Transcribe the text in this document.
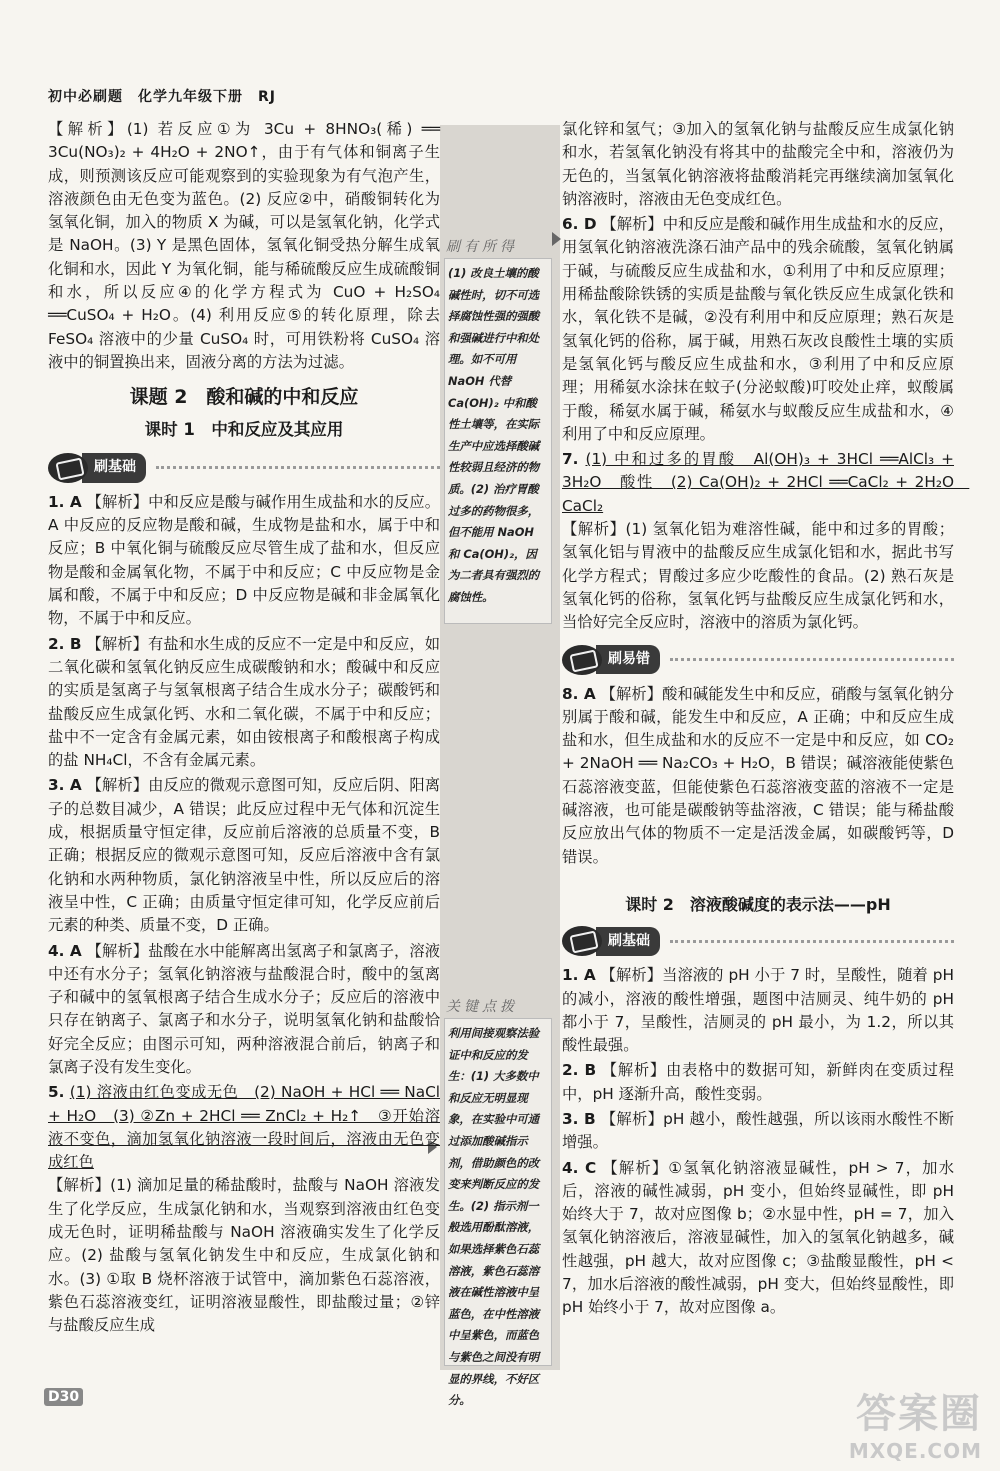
初中必刷题　化学九年级下册　RJ
刷有所得
(1) 改良土壤的酸碱性时，切不可选择腐蚀性强的强酸和强碱进行中和处理。如不可用 NaOH 代替 Ca(OH)₂ 中和酸性土壤等，在实际生产中应选择酸碱性较弱且经济的物质。(2) 治疗胃酸过多的药物很多，但不能用 NaOH 和 Ca(OH)₂，因为二者具有强烈的腐蚀性。
关键点拨
利用间接观察法验证中和反应的发生：(1) 大多数中和反应无明显现象，在实验中可通过添加酸碱指示剂，借助颜色的改变来判断反应的发生。(2) 指示剂一般选用酚酞溶液，如果选择紫色石蕊溶液，紫色石蕊溶液在碱性溶液中呈蓝色，在中性溶液中呈紫色，而蓝色与紫色之间没有明显的界线，不好区分。

【解析】(1) 若反应①为 3Cu + 8HNO₃(稀) ══ 3Cu(NO₃)₂ + 4H₂O + 2NO↑，由于有气体和铜离子生成，则预测该反应可能观察到的实验现象为有气泡产生，溶液颜色由无色变为蓝色。(2) 反应②中，硝酸铜转化为氢氧化铜，加入的物质 X 为碱，可以是氢氧化钠，化学式是 NaOH。(3) Y 是黑色固体，氢氧化铜受热分解生成氧化铜和水，因此 Y 为氧化铜，能与稀硫酸反应生成硫酸铜和水，所以反应④的化学方程式为 CuO + H₂SO₄ ══CuSO₄ + H₂O。(4) 利用反应⑤的转化原理，除去 FeSO₄ 溶液中的少量 CuSO₄ 时，可用铁粉将 CuSO₄ 溶液中的铜置换出来，固液分离的方法为过滤。

课题 2　酸和碱的中和反应

课时 1　中和反应及其应用

刷基础

1. A 【解析】中和反应是酸与碱作用生成盐和水的反应。A 中反应的反应物是酸和碱，生成物是盐和水，属于中和反应；B 中氧化铜与硫酸反应尽管生成了盐和水，但反应物是酸和金属氧化物，不属于中和反应；C 中反应物是金属和酸，不属于中和反应；D 中反应物是碱和非金属氧化物，不属于中和反应。

2. B 【解析】有盐和水生成的反应不一定是中和反应，如二氧化碳和氢氧化钠反应生成碳酸钠和水；酸碱中和反应的实质是氢离子与氢氧根离子结合生成水分子；碳酸钙和盐酸反应生成氯化钙、水和二氧化碳，不属于中和反应；盐中不一定含有金属元素，如由铵根离子和酸根离子构成的盐 NH₄Cl，不含有金属元素。

3. A 【解析】由反应的微观示意图可知，反应后阴、阳离子的总数目减少，A 错误；此反应过程中无气体和沉淀生成，根据质量守恒定律，反应前后溶液的总质量不变，B 正确；根据反应的微观示意图可知，反应后溶液中含有氯化钠和水两种物质，氯化钠溶液呈中性，所以反应后的溶液呈中性，C 正确；由质量守恒定律可知，化学反应前后元素的种类、质量不变，D 正确。

4. A 【解析】盐酸在水中能解离出氢离子和氯离子，溶液中还有水分子；氢氧化钠溶液与盐酸混合时，酸中的氢离子和碱中的氢氧根离子结合生成水分子；反应后的溶液中只存在钠离子、氯离子和水分子，说明氢氧化钠和盐酸恰好完全反应；由图示可知，两种溶液混合前后，钠离子和氯离子没有发生变化。

5. (1) 溶液由红色变成无色　(2) NaOH + HCl ══ NaCl + H₂O　(3) ②Zn + 2HCl ══ ZnCl₂ + H₂↑　③开始溶液不变色，滴加氢氧化钠溶液一段时间后，溶液由无色变成红色

【解析】(1) 滴加足量的稀盐酸时，盐酸与 NaOH 溶液发生了化学反应，生成氯化钠和水，当观察到溶液由红色变成无色时，证明稀盐酸与 NaOH 溶液确实发生了化学反应。(2) 盐酸与氢氧化钠发生中和反应，生成氯化钠和水。(3) ①取 B 烧杯溶液于试管中，滴加紫色石蕊溶液，紫色石蕊溶液变红，证明溶液显酸性，即盐酸过量；②锌与盐酸反应生成

氯化锌和氢气；③加入的氢氧化钠与盐酸反应生成氯化钠和水，若氢氧化钠没有将其中的盐酸完全中和，溶液仍为无色的，当氢氧化钠溶液将盐酸消耗完再继续滴加氢氧化钠溶液时，溶液由无色变成红色。

6. D 【解析】中和反应是酸和碱作用生成盐和水的反应，用氢氧化钠溶液洗涤石油产品中的残余硫酸，氢氧化钠属于碱，与硫酸反应生成盐和水，①利用了中和反应原理；用稀盐酸除铁锈的实质是盐酸与氧化铁反应生成氯化铁和水，氧化铁不是碱，②没有利用中和反应原理；熟石灰是氢氧化钙的俗称，属于碱，用熟石灰改良酸性土壤的实质是氢氧化钙与酸反应生成盐和水，③利用了中和反应原理；用稀氨水涂抹在蚊子(分泌蚁酸)叮咬处止痒，蚁酸属于酸，稀氨水属于碱，稀氨水与蚁酸反应生成盐和水，④利用了中和反应原理。

7. (1) 中和过多的胃酸　Al(OH)₃ + 3HCl ══AlCl₃ + 3H₂O　酸性　(2) Ca(OH)₂ + 2HCl ══CaCl₂ + 2H₂O　CaCl₂

【解析】(1) 氢氧化铝为难溶性碱，能中和过多的胃酸；氢氧化铝与胃液中的盐酸反应生成氯化铝和水，据此书写化学方程式；胃酸过多应少吃酸性的食品。(2) 熟石灰是氢氧化钙的俗称，氢氧化钙与盐酸反应生成氯化钙和水，当恰好完全反应时，溶液中的溶质为氯化钙。

刷易错

8. A 【解析】酸和碱能发生中和反应，硝酸与氢氧化钠分别属于酸和碱，能发生中和反应，A 正确；中和反应生成盐和水，但生成盐和水的反应不一定是中和反应，如 CO₂ + 2NaOH ══ Na₂CO₃ + H₂O，B 错误；碱溶液能使紫色石蕊溶液变蓝，但能使紫色石蕊溶液变蓝的溶液不一定是碱溶液，也可能是碳酸钠等盐溶液，C 错误；能与稀盐酸反应放出气体的物质不一定是活泼金属，如碳酸钙等，D 错误。

课时 2　溶液酸碱度的表示法——pH

刷基础

1. A 【解析】当溶液的 pH 小于 7 时，呈酸性，随着 pH 的减小，溶液的酸性增强，题图中洁厕灵、纯牛奶的 pH 都小于 7，呈酸性，洁厕灵的 pH 最小，为 1.2，所以其酸性最强。

2. B 【解析】由表格中的数据可知，新鲜肉在变质过程中，pH 逐渐升高，酸性变弱。

3. B 【解析】pH 越小，酸性越强，所以该雨水酸性不断增强。

4. C 【解析】①氢氧化钠溶液显碱性，pH > 7，加水后，溶液的碱性减弱，pH 变小，但始终显碱性，即 pH 始终大于 7，故对应图像 b；②水显中性，pH = 7，加入氢氧化钠溶液后，溶液显碱性，加入的氢氧化钠越多，碱性越强，pH 越大，故对应图像 c；③盐酸显酸性，pH < 7，加水后溶液的酸性减弱，pH 变大，但始终显酸性，即 pH 始终小于 7，故对应图像 a。

D30	答案圈
MXQE.COM
